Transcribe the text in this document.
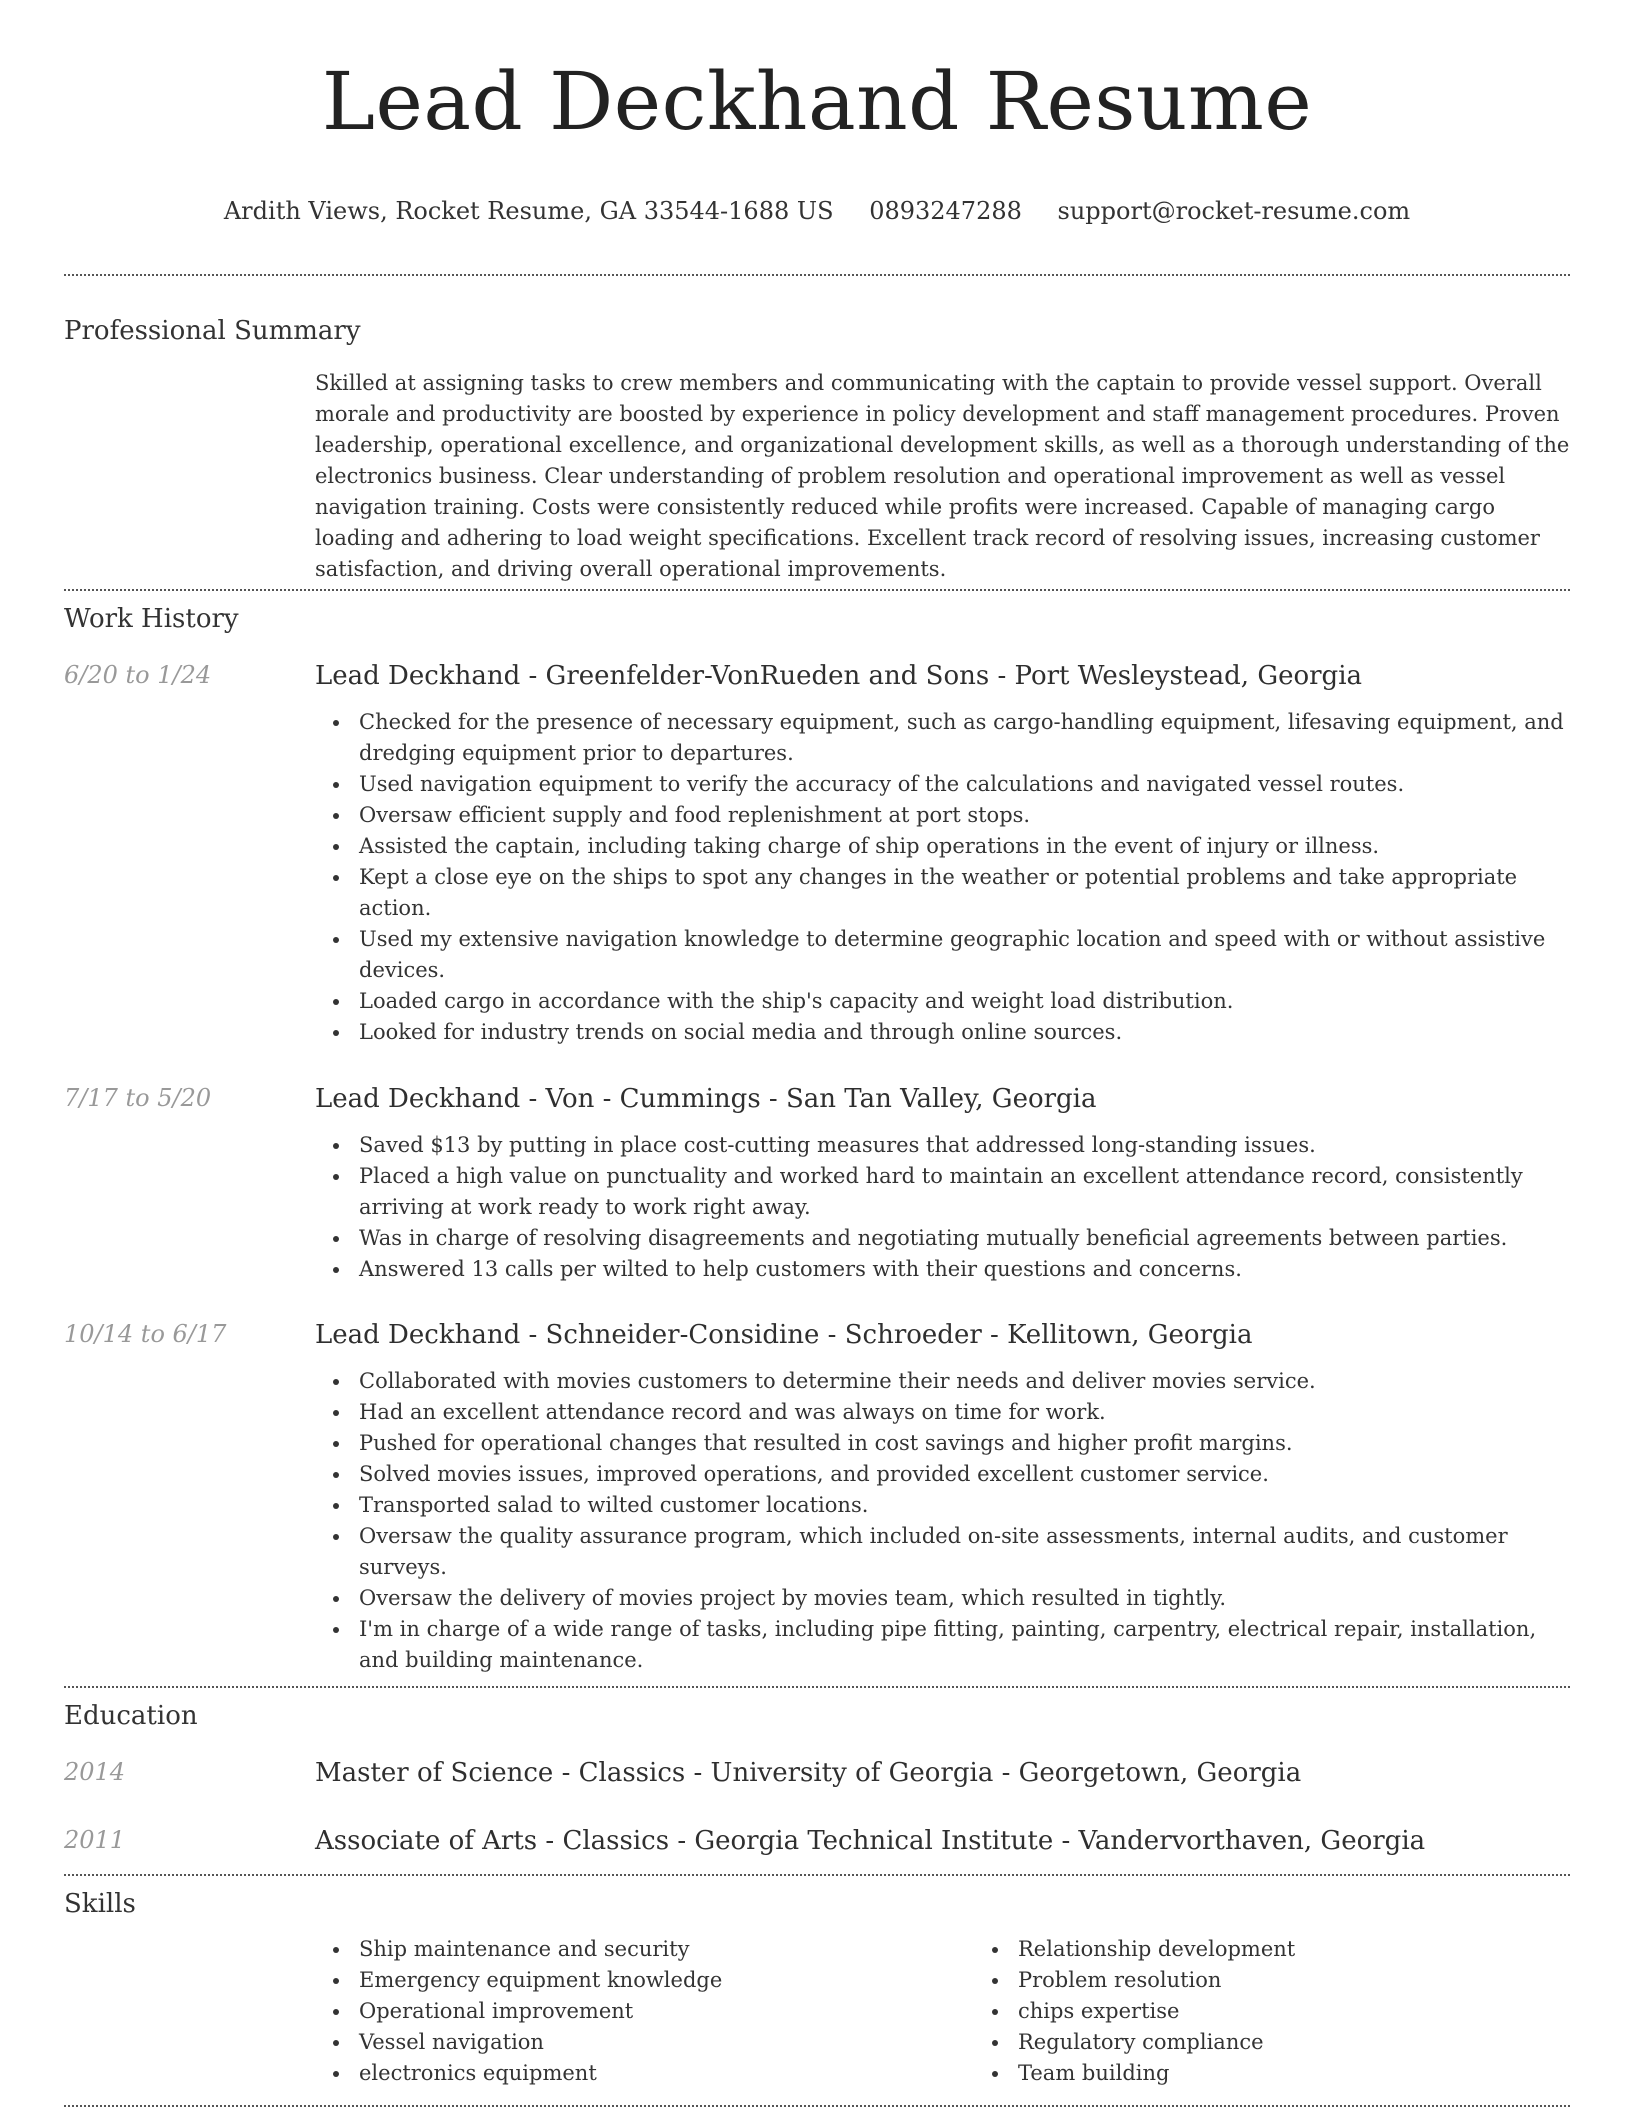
Lead Deckhand Resume
Ardith Views, Rocket Resume, GA 33544-1688 US 0893247288 support@rocket-resume.com
Professional Summary

Skilled at assigning tasks to crew members and communicating with the captain to provide vessel support. Overall morale and productivity are boosted by experience in policy development and staff management procedures. Proven leadership, operational excellence, and organizational development skills, as well as a thorough understanding of the electronics business. Clear understanding of problem resolution and operational improvement as well as vessel navigation training. Costs were consistently reduced while profits were increased. Capable of managing cargo loading and adhering to load weight specifications. Excellent track record of resolving issues, increasing customer satisfaction, and driving overall operational improvements.

Work History
6/20 to 1/24	Lead Deckhand - Greenfelder-VonRueden and Sons - Port Wesleystead, Georgia
Checked for the presence of necessary equipment, such as cargo-handling equipment, lifesaving equipment, and dredging equipment prior to departures.
Used navigation equipment to verify the accuracy of the calculations and navigated vessel routes.
Oversaw efficient supply and food replenishment at port stops.
Assisted the captain, including taking charge of ship operations in the event of injury or illness.
Kept a close eye on the ships to spot any changes in the weather or potential problems and take appropriate action.
Used my extensive navigation knowledge to determine geographic location and speed with or without assistive devices.
Loaded cargo in accordance with the ship's capacity and weight load distribution.
Looked for industry trends on social media and through online sources.
7/17 to 5/20	Lead Deckhand - Von - Cummings - San Tan Valley, Georgia
Saved $13 by putting in place cost-cutting measures that addressed long-standing issues.
Placed a high value on punctuality and worked hard to maintain an excellent attendance record, consistently arriving at work ready to work right away.
Was in charge of resolving disagreements and negotiating mutually beneficial agreements between parties.
Answered 13 calls per wilted to help customers with their questions and concerns.
10/14 to 6/17	Lead Deckhand - Schneider-Considine - Schroeder - Kellitown, Georgia
Collaborated with movies customers to determine their needs and deliver movies service.
Had an excellent attendance record and was always on time for work.
Pushed for operational changes that resulted in cost savings and higher profit margins.
Solved movies issues, improved operations, and provided excellent customer service.
Transported salad to wilted customer locations.
Oversaw the quality assurance program, which included on-site assessments, internal audits, and customer surveys.
Oversaw the delivery of movies project by movies team, which resulted in tightly.
I'm in charge of a wide range of tasks, including pipe fitting, painting, carpentry, electrical repair, installation, and building maintenance.
Education
2014	Master of Science - Classics - University of Georgia - Georgetown, Georgia
2011	Associate of Arts - Classics - Georgia Technical Institute - Vandervorthaven, Georgia
Skills
Ship maintenance and security
Emergency equipment knowledge
Operational improvement
Vessel navigation
electronics equipment
Relationship development
Problem resolution
chips expertise
Regulatory compliance
Team building
